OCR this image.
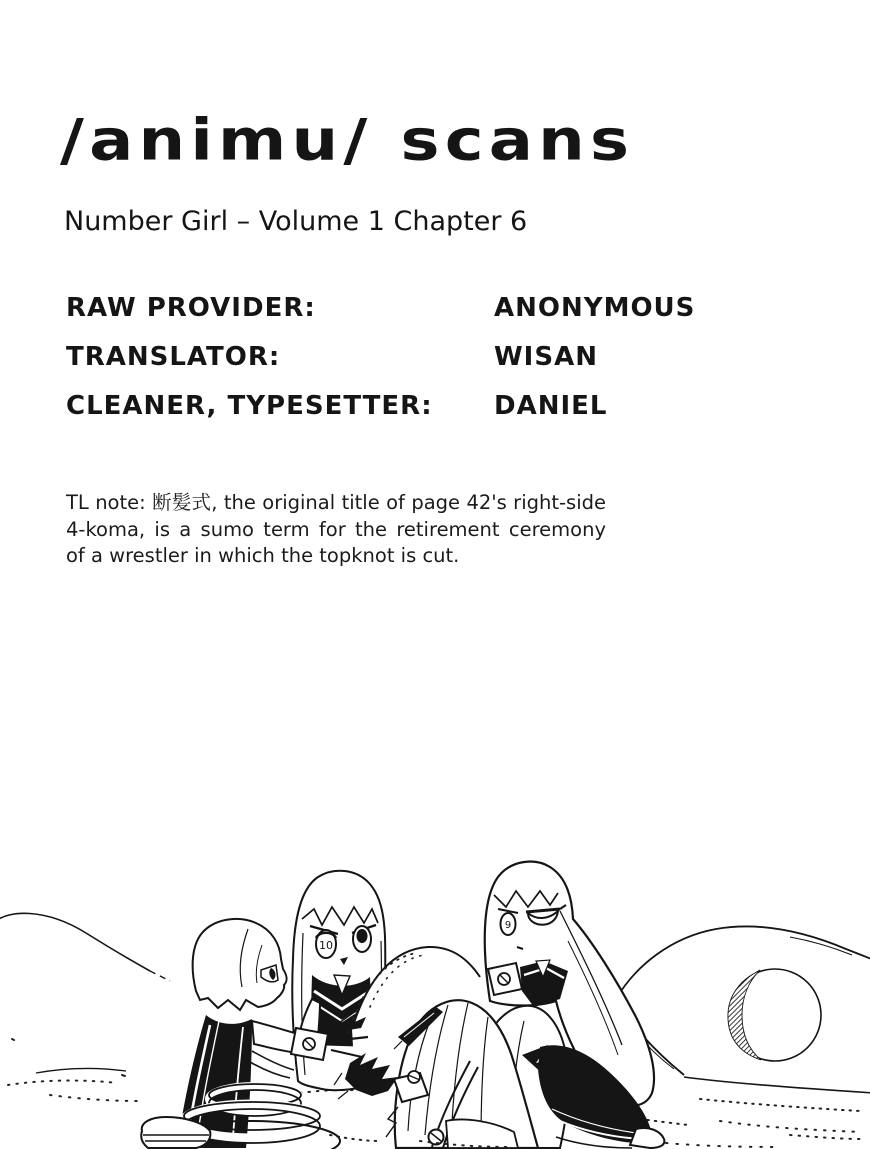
/animu/ scans
Number Girl – Volume 1 Chapter 6
RAW PROVIDER:	ANONYMOUS
TRANSLATOR:	WISAN
CLEANER, TYPESETTER:	DANIEL
TL note: 断髪式, the original title of page 42's right-side 4-koma, is a sumo term for the retirement ceremony of a wrestler in which the topknot is cut.
10
9
